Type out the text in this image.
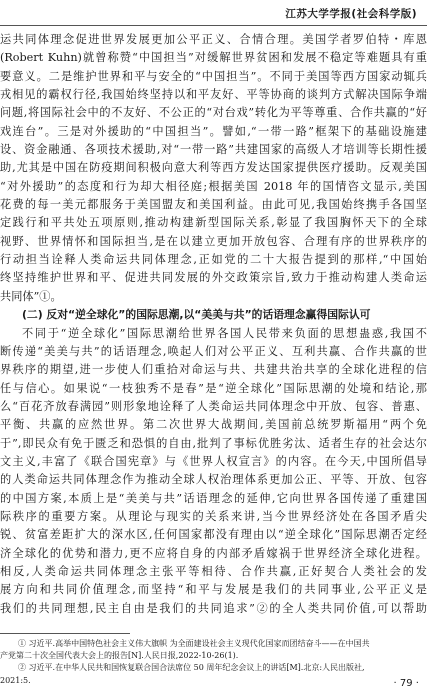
江苏大学学报(社会科学版)
运共同体理念促进世界发展更加公平正义、合情合理。美国学者罗伯特・库恩
(Robert Kuhn)就曾称赞“中国担当”对缓解世界贫困和发展不稳定等难题具有重
要意义。二是维护世界和平与安全的“中国担当”。不同于美国等西方国家动辄兵
戎相见的霸权行径,我国始终坚持以和平友好、平等协商的谈判方式解决国际争端
问题,将国际社会中的不友好、不公正的“对台戏”转化为平等尊重、合作共赢的“好
戏连台”。三是对外援助的“中国担当”。譬如,“一带一路”框架下的基础设施建
设、资金融通、各项技术援助,对“一带一路”共建国家的高级人才培训等长期性援
助,尤其是中国在防疫期间积极向意大利等西方发达国家提供医疗援助。反观美国
“对外援助”的态度和行为却大相径庭;根据美国 2018 年的国情咨文显示,美国
花费的每一美元都服务于美国盟友和美国利益。由此可见,我国始终携手各国坚
定践行和平共处五项原则,推动构建新型国际关系,彰显了我国胸怀天下的全球
视野、世界情怀和国际担当,是在以建立更加开放包容、合理有序的世界秩序的
行动担当诠释人类命运共同体理念,正如党的二十大报告提到的那样,“中国始
终坚持维护世界和平、促进共同发展的外交政策宗旨,致力于推动构建人类命运
共同体”①。
(二) 反对“逆全球化”的国际思潮,以“美美与共”的话语理念赢得国际认可
不同于“逆全球化”国际思潮给世界各国人民带来负面的思想蛊惑,我国不
断传递“美美与共”的话语理念,唤起人们对公平正义、互利共赢、合作共赢的世
界秩序的期望,进一步使人们重拾对命运与共、共建共治共享的全球化进程的信
任与信心。如果说“一枝独秀不是春”是“逆全球化”国际思潮的处境和结论,那
么“百花齐放春满园”则形象地诠释了人类命运共同体理念中开放、包容、普惠、
平衡、共赢的应然世界。第二次世界大战期间,美国前总统罗斯福用“两个免
于”,即民众有免于匮乏和恐惧的自由,批判了事标优胜劣汰、适者生存的社会达尔
文主义,丰富了《联合国宪章》与《世界人权宣言》的内容。在今天,中国所倡导
的人类命运共同体理念作为推动全球人权治理体系更加公正、平等、开放、包容
的中国方案,本质上是“美美与共”话语理念的延伸,它向世界各国传递了重建国
际秩序的重要方案。从理论与现实的关系来讲,当今世界经济处在各国矛盾尖
锐、贫富差距扩大的深水区,任何国家都没有理由以“逆全球化”国际思潮否定经
济全球化的优势和潜力,更不应将自身的内部矛盾嫁祸于世界经济全球化进程。
相反,人类命运共同体理念主张平等相待、合作共赢,正好契合人类社会的发
展方向和共同价值理念,而坚持“和平与发展是我们的共同事业,公平正义是
我们的共同理想,民主自由是我们的共同追求”②的全人类共同价值,可以帮助
① 习近平.高举中国特色社会主义伟大旗帜 为全面建设社会主义现代化国家而团结奋斗——在中国共
产党第二十次全国代表大会上的报告[N].人民日报,2022-10-26(1).
② 习近平.在中华人民共和国恢复联合国合法席位 50 周年纪念会议上的讲话[M].北京:人民出版社,
2021:5.	· 79 ·
